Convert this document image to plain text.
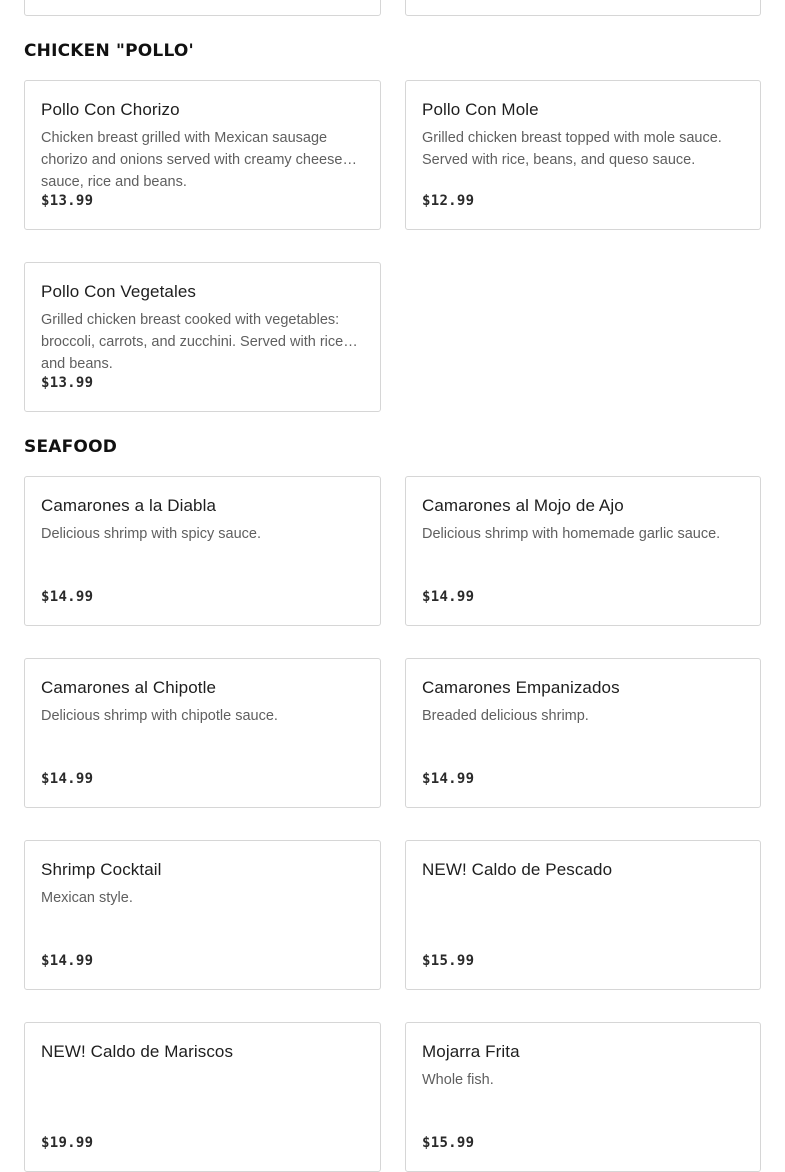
CHICKEN "POLLO'
Pollo Con Chorizo
Chicken breast grilled with Mexican sausage chorizo and onions served with creamy cheese sauce, rice and beans.
$13.99
Pollo Con Mole
Grilled chicken breast topped with mole sauce. Served with rice, beans, and queso sauce.
$12.99
Pollo Con Vegetales
Grilled chicken breast cooked with vegetables: broccoli, carrots, and zucchini. Served with rice and beans.
$13.99
SEAFOOD
Camarones a la Diabla
Delicious shrimp with spicy sauce.
$14.99
Camarones al Mojo de Ajo
Delicious shrimp with homemade garlic sauce.
$14.99
Camarones al Chipotle
Delicious shrimp with chipotle sauce.
$14.99
Camarones Empanizados
Breaded delicious shrimp.
$14.99
Shrimp Cocktail
Mexican style.
$14.99
NEW! Caldo de Pescado
$15.99
NEW! Caldo de Mariscos
$19.99
Mojarra Frita
Whole fish.
$15.99
